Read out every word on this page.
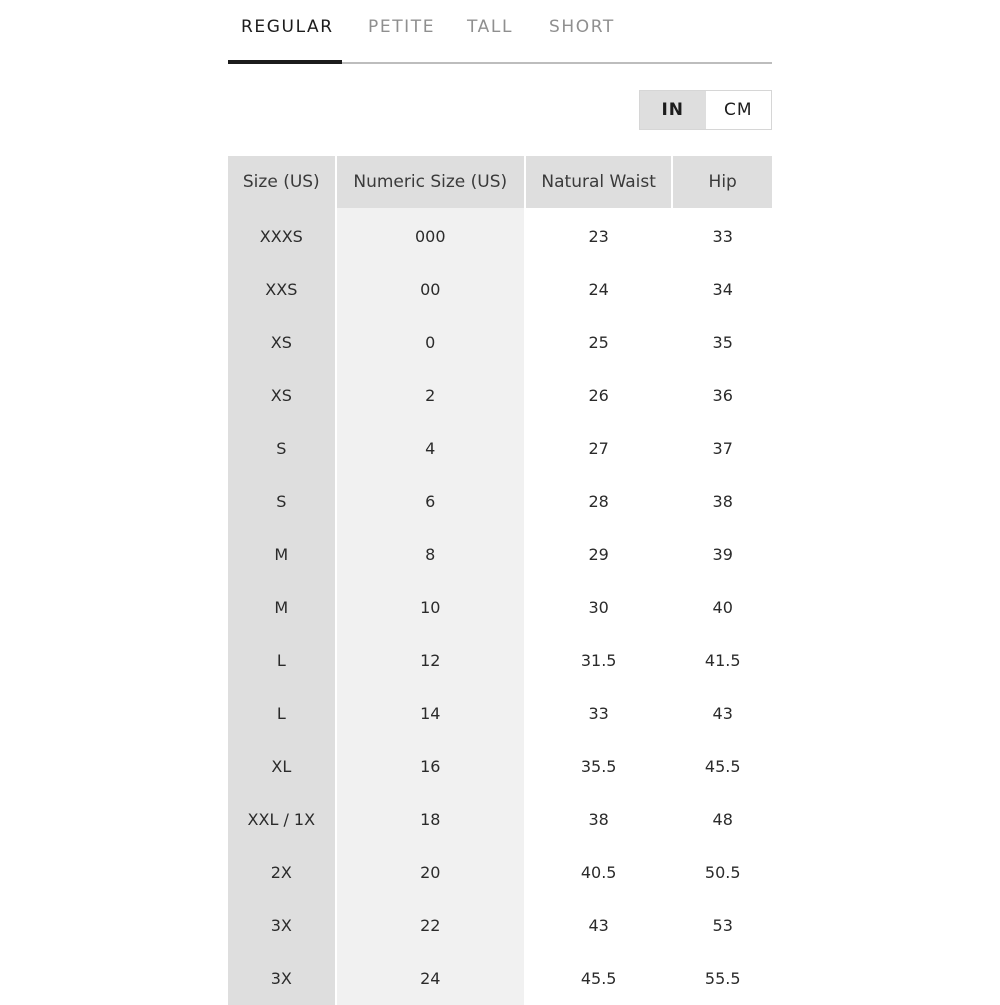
REGULAR PETITE TALL SHORT
IN	CM
Size (US)	Numeric Size (US)	Natural Waist	Hip
XXXS	000	23	33
XXS	00	24	34
XS	0	25	35
XS	2	26	36
S	4	27	37
S	6	28	38
M	8	29	39
M	10	30	40
L	12	31.5	41.5
L	14	33	43
XL	16	35.5	45.5
XXL / 1X	18	38	48
2X	20	40.5	50.5
3X	22	43	53
3X	24	45.5	55.5
